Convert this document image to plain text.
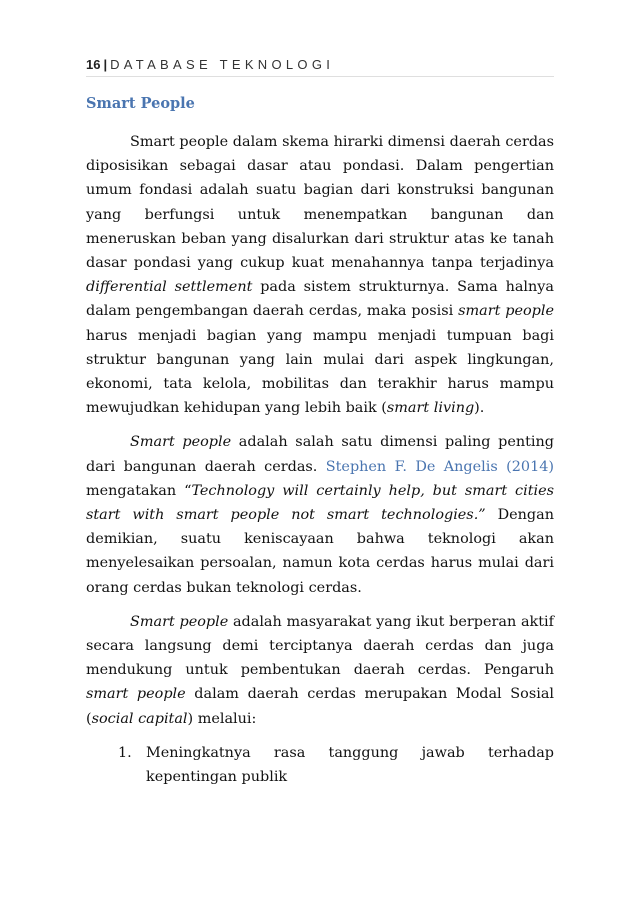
16 | DATABASE TEKNOLOGI
Smart People

Smart people dalam skema hirarki dimensi daerah cerdas diposisikan sebagai dasar atau pondasi. Dalam pengertian umum fondasi adalah suatu bagian dari konstruksi bangunan yang berfungsi untuk menempatkan bangunan dan meneruskan beban yang disalurkan dari struktur atas ke tanah dasar pondasi yang cukup kuat menahannya tanpa terjadinya differential settlement pada sistem strukturnya. Sama halnya dalam pengembangan daerah cerdas, maka posisi smart people harus menjadi bagian yang mampu menjadi tumpuan bagi struktur bangunan yang lain mulai dari aspek lingkungan, ekonomi, tata kelola, mobilitas dan terakhir harus mampu mewujudkan kehidupan yang lebih baik (smart living).

Smart people adalah salah satu dimensi paling penting dari bangunan daerah cerdas. Stephen F. De Angelis (2014) mengatakan “Technology will certainly help, but smart cities start with smart people not smart technologies.” Dengan demikian, suatu keniscayaan bahwa teknologi akan menyelesaikan persoalan, namun kota cerdas harus mulai dari orang cerdas bukan teknologi cerdas.

Smart people adalah masyarakat yang ikut berperan aktif secara langsung demi terciptanya daerah cerdas dan juga mendukung untuk pembentukan daerah cerdas. Pengaruh smart people dalam daerah cerdas merupakan Modal Sosial (social capital) melalui:

1. Meningkatnya rasa tanggung jawab terhadap kepentingan publik
